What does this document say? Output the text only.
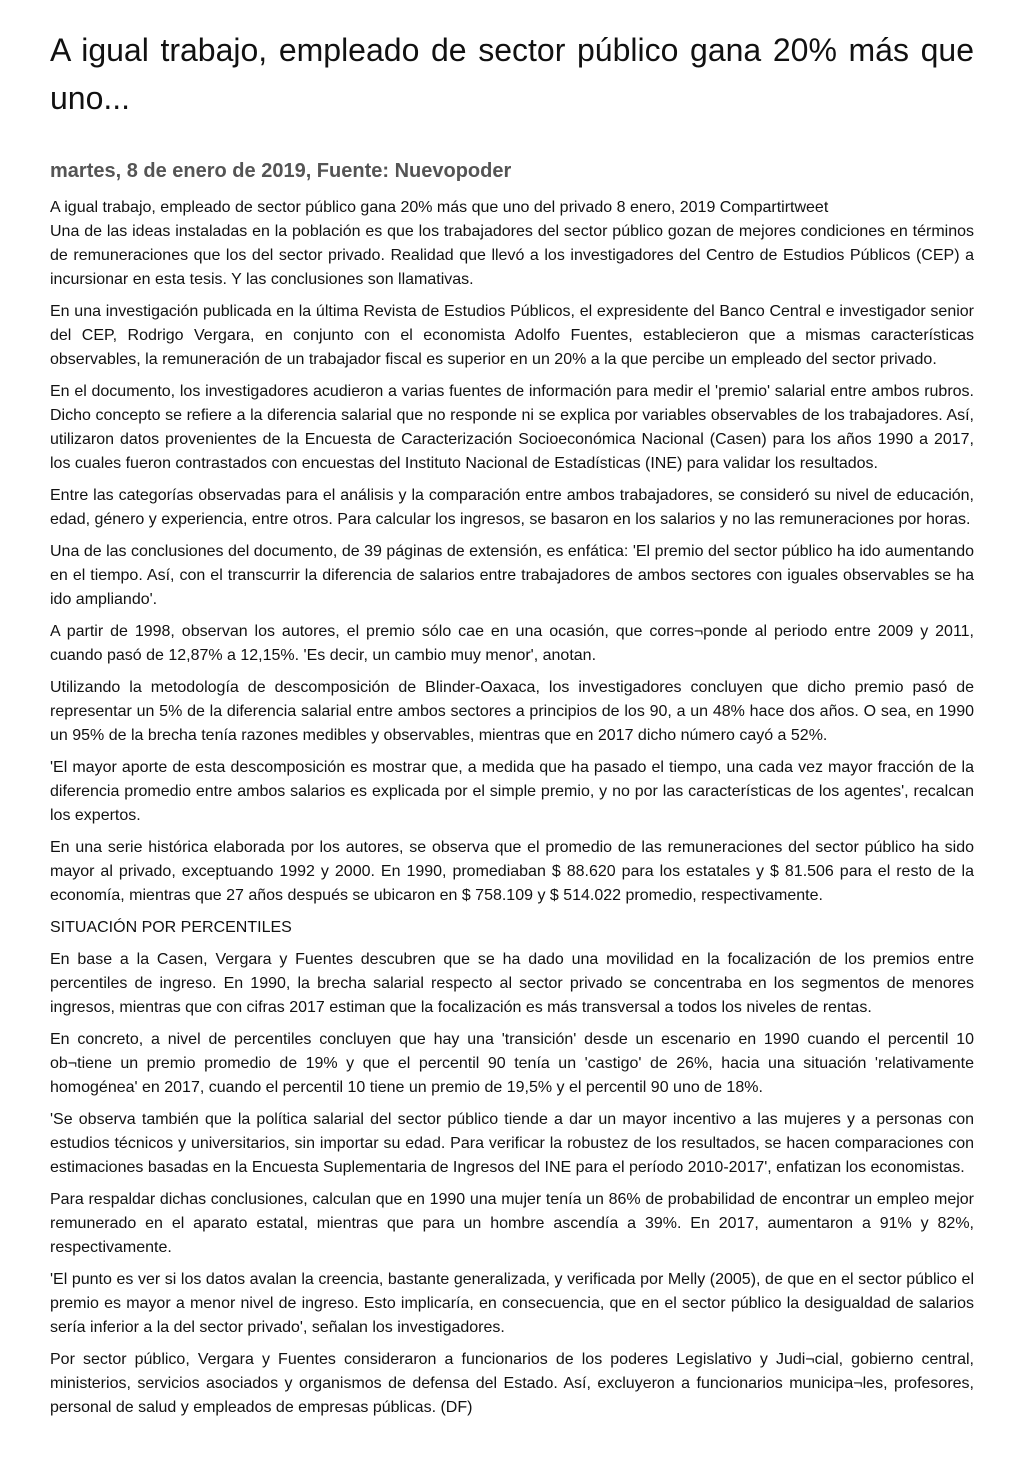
A igual trabajo, empleado de sector público gana 20% más que uno...
martes, 8 de enero de 2019, Fuente: Nuevopoder

A igual trabajo, empleado de sector público gana 20% más que uno del privado 8 enero, 2019 Compartirtweet

Una de las ideas instaladas en la población es que los trabajadores del sector público gozan de mejores condiciones en términos de remuneraciones que los del sector privado. Realidad que llevó a los investigadores del Centro de Estudios Públicos (CEP) a incursionar en esta tesis. Y las conclusiones son llamativas.

En una investigación publicada en la última Revista de Estudios Públicos, el expresidente del Banco Central e investigador senior del CEP, Rodrigo Vergara, en conjunto con el economista Adolfo Fuentes, establecieron que a mismas características observables, la remuneración de un trabajador fiscal es superior en un 20% a la que percibe un empleado del sector privado.

En el documento, los investigadores acudieron a varias fuentes de información para medir el 'premio' salarial entre ambos rubros. Dicho concepto se refiere a la diferencia salarial que no responde ni se explica por variables observables de los trabajadores. Así, utilizaron datos provenientes de la Encuesta de Caracterización Socioeconómica Nacional (Casen) para los años 1990 a 2017, los cuales fueron contrastados con encuestas del Instituto Nacional de Estadísticas (INE) para validar los resultados.

Entre las categorías observadas para el análisis y la comparación entre ambos trabajadores, se consideró su nivel de educación, edad, género y experiencia, entre otros. Para calcular los ingresos, se basaron en los salarios y no las remuneraciones por horas.

Una de las conclusiones del documento, de 39 páginas de extensión, es enfática: 'El premio del sector público ha ido aumentando en el tiempo. Así, con el transcurrir la diferencia de salarios entre trabajadores de ambos sectores con iguales observables se ha ido ampliando'.

A partir de 1998, observan los autores, el premio sólo cae en una ocasión, que corres¬ponde al periodo entre 2009 y 2011, cuando pasó de 12,87% a 12,15%. 'Es decir, un cambio muy menor', anotan.

Utilizando la metodología de descomposición de Blinder-Oaxaca, los investigadores concluyen que dicho premio pasó de representar un 5% de la diferencia salarial entre ambos sectores a principios de los 90, a un 48% hace dos años. O sea, en 1990 un 95% de la brecha tenía razones medibles y observables, mientras que en 2017 dicho número cayó a 52%.

'El mayor aporte de esta descomposición es mostrar que, a medida que ha pasado el tiempo, una cada vez mayor fracción de la diferencia promedio entre ambos salarios es explicada por el simple premio, y no por las características de los agentes', recalcan los expertos.

En una serie histórica elaborada por los autores, se observa que el promedio de las remuneraciones del sector público ha sido mayor al privado, exceptuando 1992 y 2000. En 1990, promediaban $ 88.620 para los estatales y $ 81.506 para el resto de la economía, mientras que 27 años después se ubicaron en $ 758.109 y $ 514.022 promedio, respectivamente.

SITUACIÓN POR PERCENTILES

En base a la Casen, Vergara y Fuentes descubren que se ha dado una movilidad en la focalización de los premios entre percentiles de ingreso. En 1990, la brecha salarial respecto al sector privado se concentraba en los segmentos de menores ingresos, mientras que con cifras 2017 estiman que la focalización es más transversal a todos los niveles de rentas.

En concreto, a nivel de percentiles concluyen que hay una 'transición' desde un escenario en 1990 cuando el percentil 10 ob¬tiene un premio promedio de 19% y que el percentil 90 tenía un 'castigo' de 26%, hacia una situación 'relativamente homogénea' en 2017, cuando el percentil 10 tiene un premio de 19,5% y el percentil 90 uno de 18%.

'Se observa también que la política salarial del sector público tiende a dar un mayor incentivo a las mujeres y a personas con estudios técnicos y universitarios, sin importar su edad. Para verificar la robustez de los resultados, se hacen comparaciones con estimaciones basadas en la Encuesta Suplementaria de Ingresos del INE para el período 2010-2017', enfatizan los economistas.

Para respaldar dichas conclusiones, calculan que en 1990 una mujer tenía un 86% de probabilidad de encontrar un empleo mejor remunerado en el aparato estatal, mientras que para un hombre ascendía a 39%. En 2017, aumentaron a 91% y 82%, respectivamente.

'El punto es ver si los datos avalan la creencia, bastante generalizada, y verificada por Melly (2005), de que en el sector público el premio es mayor a menor nivel de ingreso. Esto implicaría, en consecuencia, que en el sector público la desigualdad de salarios sería inferior a la del sector privado', señalan los investigadores.

Por sector público, Vergara y Fuentes consideraron a funcionarios de los poderes Legislativo y Judi¬cial, gobierno central, ministerios, servicios asociados y organismos de defensa del Estado. Así, excluyeron a funcionarios municipa¬les, profesores, personal de salud y empleados de empresas públicas. (DF)
